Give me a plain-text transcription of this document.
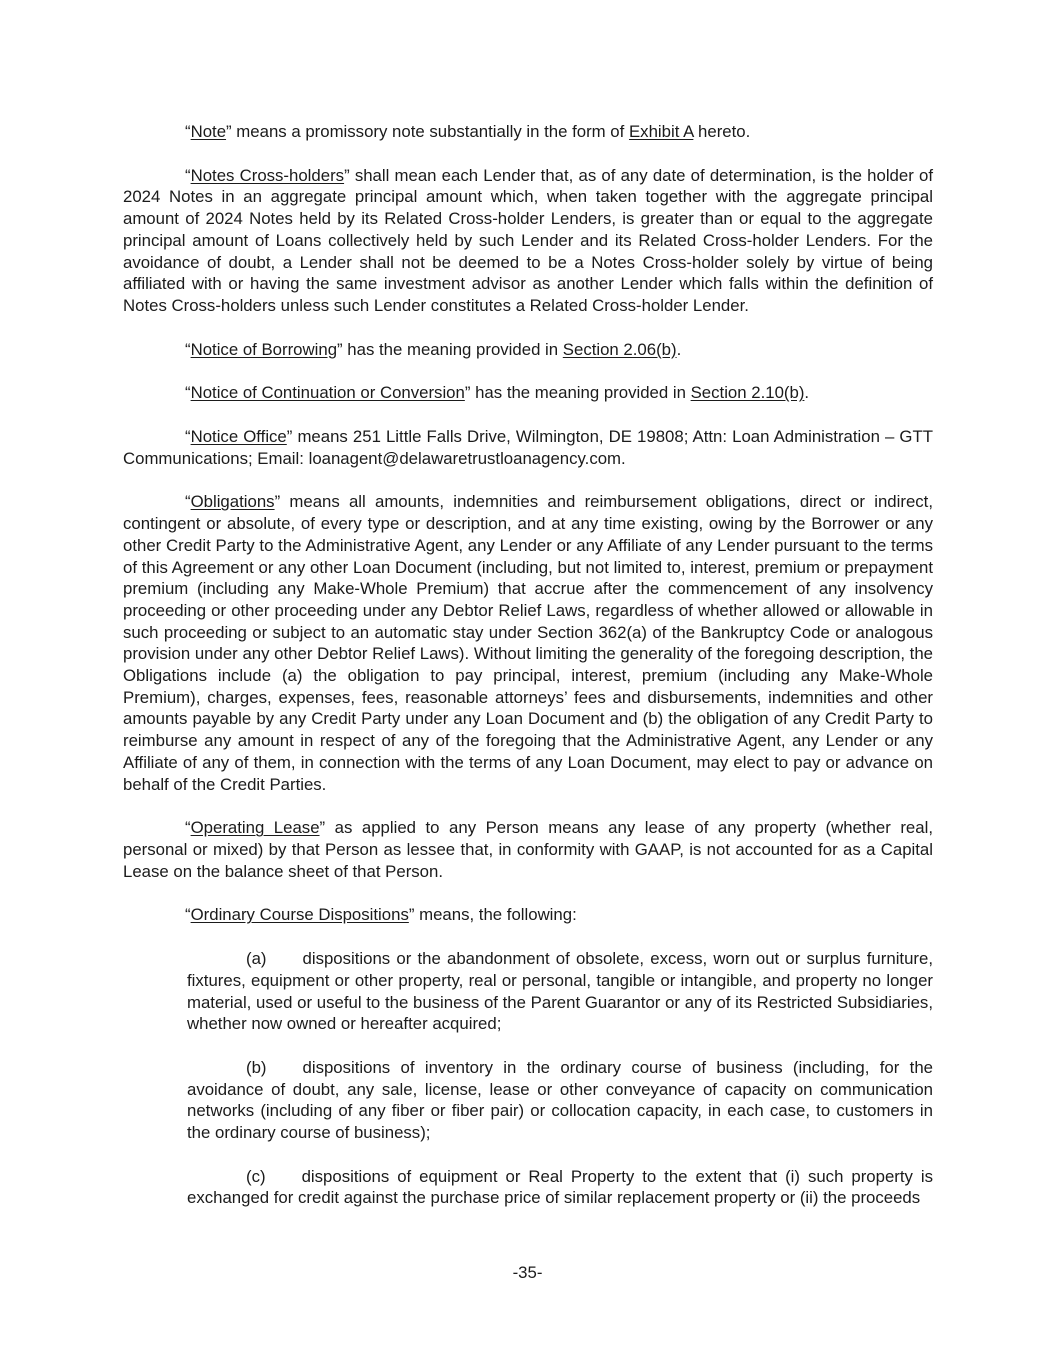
“Note” means a promissory note substantially in the form of Exhibit A hereto.

“Notes Cross-holders” shall mean each Lender that, as of any date of determination, is the holder of 2024 Notes in an aggregate principal amount which, when taken together with the aggregate principal amount of 2024 Notes held by its Related Cross-holder Lenders, is greater than or equal to the aggregate principal amount of Loans collectively held by such Lender and its Related Cross-holder Lenders. For the avoidance of doubt, a Lender shall not be deemed to be a Notes Cross-holder solely by virtue of being affiliated with or having the same investment advisor as another Lender which falls within the definition of Notes Cross-holders unless such Lender constitutes a Related Cross-holder Lender.

“Notice of Borrowing” has the meaning provided in Section 2.06(b).

“Notice of Continuation or Conversion” has the meaning provided in Section 2.10(b).

“Notice Office” means 251 Little Falls Drive, Wilmington, DE 19808; Attn: Loan Administration – GTT Communications; Email: loanagent@delawaretrustloanagency.com.

“Obligations” means all amounts, indemnities and reimbursement obligations, direct or indirect, contingent or absolute, of every type or description, and at any time existing, owing by the Borrower or any other Credit Party to the Administrative Agent, any Lender or any Affiliate of any Lender pursuant to the terms of this Agreement or any other Loan Document (including, but not limited to, interest, premium or prepayment premium (including any Make-Whole Premium) that accrue after the commencement of any insolvency proceeding or other proceeding under any Debtor Relief Laws, regardless of whether allowed or allowable in such proceeding or subject to an automatic stay under Section 362(a) of the Bankruptcy Code or analogous provision under any other Debtor Relief Laws). Without limiting the generality of the foregoing description, the Obligations include (a) the obligation to pay principal, interest, premium (including any Make-Whole Premium), charges, expenses, fees, reasonable attorneys’ fees and disbursements, indemnities and other amounts payable by any Credit Party under any Loan Document and (b) the obligation of any Credit Party to reimburse any amount in respect of any of the foregoing that the Administrative Agent, any Lender or any Affiliate of any of them, in connection with the terms of any Loan Document, may elect to pay or advance on behalf of the Credit Parties.

“Operating Lease” as applied to any Person means any lease of any property (whether real, personal or mixed) by that Person as lessee that, in conformity with GAAP, is not accounted for as a Capital Lease on the balance sheet of that Person.

“Ordinary Course Dispositions” means, the following:

(a) dispositions or the abandonment of obsolete, excess, worn out or surplus furniture, fixtures, equipment or other property, real or personal, tangible or intangible, and property no longer material, used or useful to the business of the Parent Guarantor or any of its Restricted Subsidiaries, whether now owned or hereafter acquired;

(b) dispositions of inventory in the ordinary course of business (including, for the avoidance of doubt, any sale, license, lease or other conveyance of capacity on communication networks (including of any fiber or fiber pair) or collocation capacity, in each case, to customers in the ordinary course of business);

(c) dispositions of equipment or Real Property to the extent that (i) such property is exchanged for credit against the purchase price of similar replacement property or (ii) the proceeds

-35-
